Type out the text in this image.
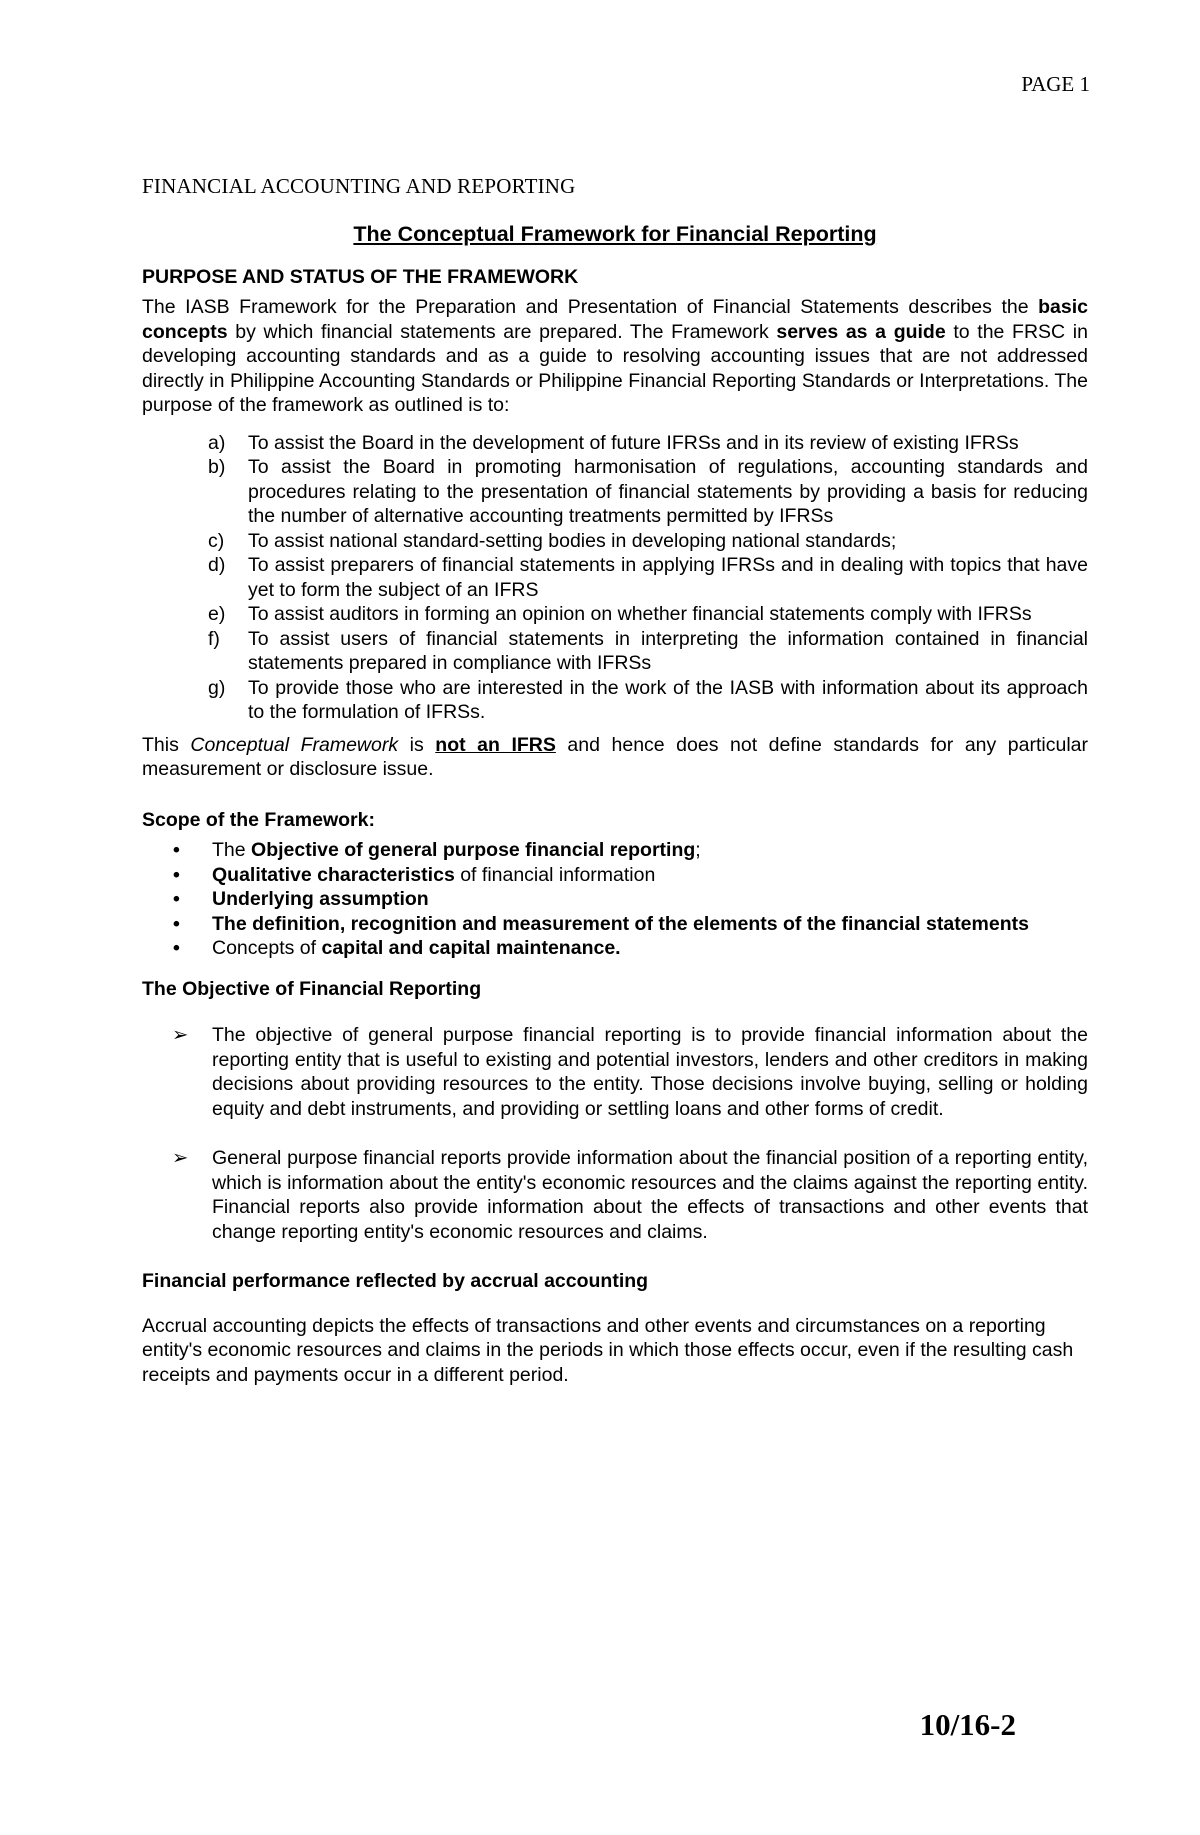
PAGE 1
FINANCIAL ACCOUNTING AND REPORTING
The Conceptual Framework for Financial Reporting
PURPOSE AND STATUS OF THE FRAMEWORK

The IASB Framework for the Preparation and Presentation of Financial Statements describes the basic concepts by which financial statements are prepared. The Framework serves as a guide to the FRSC in developing accounting standards and as a guide to resolving accounting issues that are not addressed directly in Philippine Accounting Standards or Philippine Financial Reporting Standards or Interpretations. The purpose of the framework as outlined is to:

a) To assist the Board in the development of future IFRSs and in its review of existing IFRSs
b) To assist the Board in promoting harmonisation of regulations, accounting standards and procedures relating to the presentation of financial statements by providing a basis for reducing the number of alternative accounting treatments permitted by IFRSs
c) To assist national standard-setting bodies in developing national standards;
d) To assist preparers of financial statements in applying IFRSs and in dealing with topics that have yet to form the subject of an IFRS
e) To assist auditors in forming an opinion on whether financial statements comply with IFRSs
f) To assist users of financial statements in interpreting the information contained in financial statements prepared in compliance with IFRSs
g) To provide those who are interested in the work of the IASB with information about its approach to the formulation of IFRSs.

This Conceptual Framework is not an IFRS and hence does not define standards for any particular measurement or disclosure issue.

Scope of the Framework:
• The Objective of general purpose financial reporting;
• Qualitative characteristics of financial information
• Underlying assumption
• The definition, recognition and measurement of the elements of the financial statements
• Concepts of capital and capital maintenance.
The Objective of Financial Reporting
➢ The objective of general purpose financial reporting is to provide financial information about the reporting entity that is useful to existing and potential investors, lenders and other creditors in making decisions about providing resources to the entity. Those decisions involve buying, selling or holding equity and debt instruments, and providing or settling loans and other forms of credit.
➢ General purpose financial reports provide information about the financial position of a reporting entity, which is information about the entity's economic resources and the claims against the reporting entity. Financial reports also provide information about the effects of transactions and other events that change reporting entity's economic resources and claims.
Financial performance reflected by accrual accounting

Accrual accounting depicts the effects of transactions and other events and circumstances on a reporting entity's economic resources and claims in the periods in which those effects occur, even if the resulting cash receipts and payments occur in a different period.

10/16-2
